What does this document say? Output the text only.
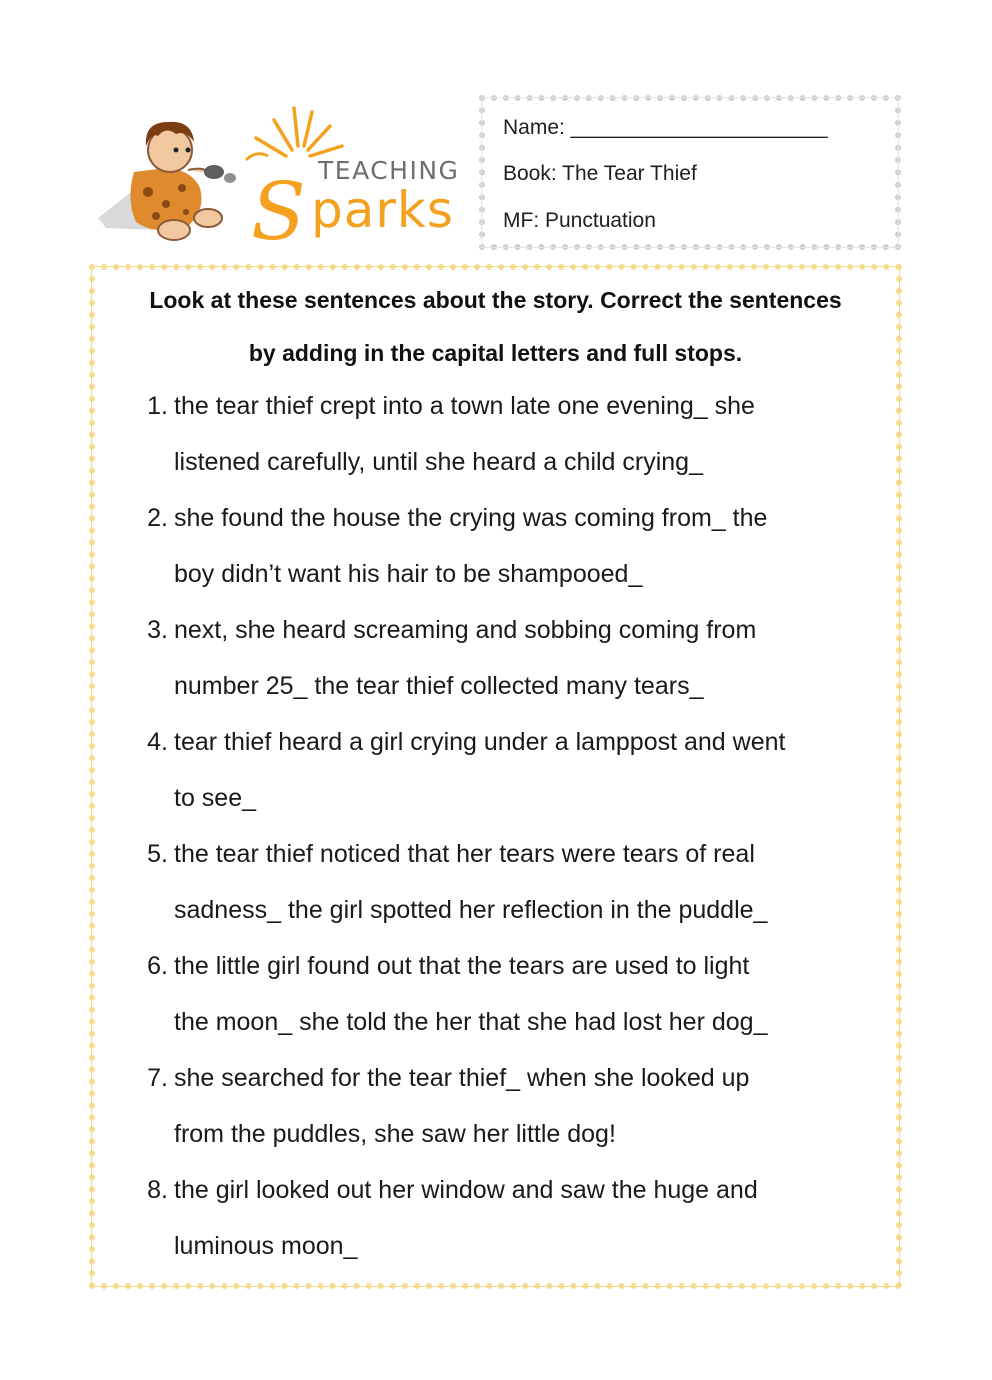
TEACHING
S parks
Name: ______________________
Book: The Tear Thief
MF: Punctuation
Look at these sentences about the story. Correct the sentences
by adding in the capital letters and full stops.
1. the tear thief crept into a town late one evening_ she
listened carefully, until she heard a child crying_
2. she found the house the crying was coming from_ the
boy didn’t want his hair to be shampooed_
3. next, she heard screaming and sobbing coming from
number 25_ the tear thief collected many tears_
4. tear thief heard a girl crying under a lamppost and went
to see_
5. the tear thief noticed that her tears were tears of real
sadness_ the girl spotted her reflection in the puddle_
6. the little girl found out that the tears are used to light
the moon_ she told the her that she had lost her dog_
7. she searched for the tear thief_ when she looked up
from the puddles, she saw her little dog!
8. the girl looked out her window and saw the huge and
luminous moon_
